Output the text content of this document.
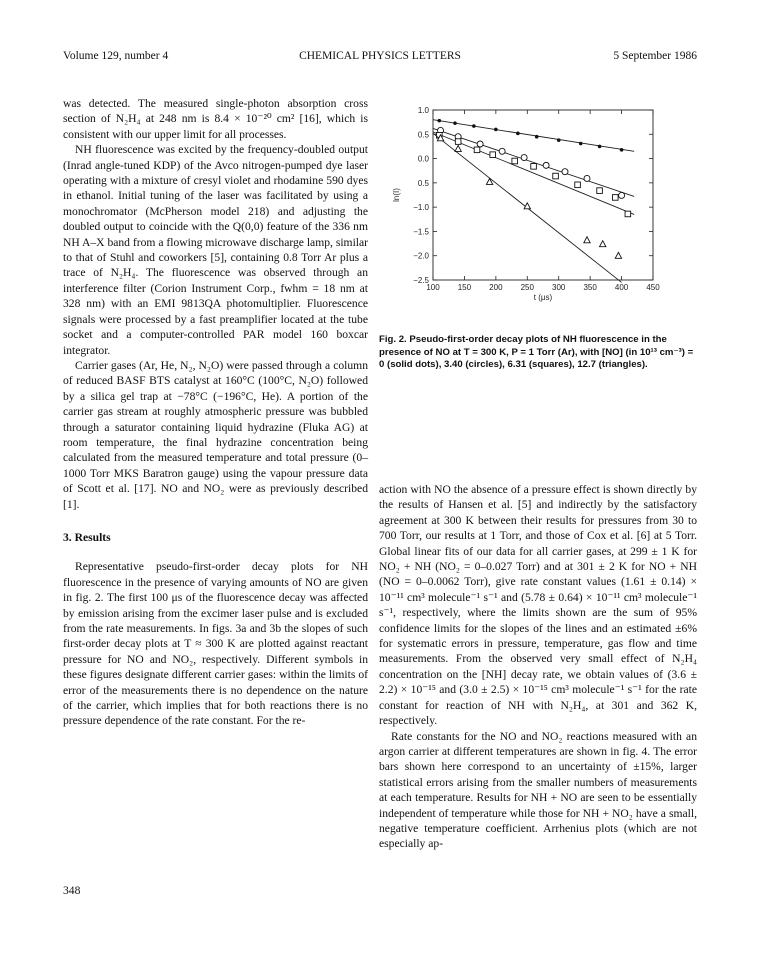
Volume 129, number 4	CHEMICAL PHYSICS LETTERS	5 September 1986

was detected. The measured single-photon absorption cross section of N₂H₄ at 248 nm is 8.4 × 10⁻²⁰ cm² [16], which is consistent with our upper limit for all processes.

NH fluorescence was excited by the frequency-doubled output (Inrad angle-tuned KDP) of the Avco nitrogen-pumped dye laser operating with a mixture of cresyl violet and rhodamine 590 dyes in ethanol. Initial tuning of the laser was facilitated by using a monochromator (McPherson model 218) and adjusting the doubled output to coincide with the Q(0,0) feature of the 336 nm NH A–X band from a flowing microwave discharge lamp, similar to that of Stuhl and coworkers [5], containing 0.8 Torr Ar plus a trace of N₂H₄. The fluorescence was observed through an interference filter (Corion Instrument Corp., fwhm = 18 nm at 328 nm) with an EMI 9813QA photomultiplier. Fluorescence signals were processed by a fast preamplifier located at the tube socket and a computer-controlled PAR model 160 boxcar integrator.

Carrier gases (Ar, He, N₂, N₂O) were passed through a column of reduced BASF BTS catalyst at 160°C (100°C, N₂O) followed by a silica gel trap at −78°C (−196°C, He). A portion of the carrier gas stream at roughly atmospheric pressure was bubbled through a saturator containing liquid hydrazine (Fluka AG) at room temperature, the final hydrazine concentration being calculated from the measured temperature and total pressure (0–1000 Torr MKS Baratron gauge) using the vapour pressure data of Scott et al. [17]. NO and NO₂ were as previously described [1].

3. Results

Representative pseudo-first-order decay plots for NH fluorescence in the presence of varying amounts of NO are given in fig. 2. The first 100 μs of the fluorescence decay was affected by emission arising from the excimer laser pulse and is excluded from the rate measurements. In figs. 3a and 3b the slopes of such first-order decay plots at T ≈ 300 K are plotted against reactant pressure for NO and NO₂, respectively. Different symbols in these figures designate different carrier gases: within the limits of error of the measurements there is no dependence on the nature of the carrier, which implies that for both reactions there is no pressure dependence of the rate constant. For the re-

1.0
0.5
0.0
0.5
−1.0
−1.5
−2.0
−2.5
100 150 200 250 300 350 400 450
t (μs)
ln(I)
Fig. 2. Pseudo-first-order decay plots of NH fluorescence in the presence of NO at T = 300 K, P = 1 Torr (Ar), with [NO] (in 10¹³ cm⁻³) = 0 (solid dots), 3.40 (circles), 6.31 (squares), 12.7 (triangles).

action with NO the absence of a pressure effect is shown directly by the results of Hansen et al. [5] and indirectly by the satisfactory agreement at 300 K between their results for pressures from 30 to 700 Torr, our results at 1 Torr, and those of Cox et al. [6] at 5 Torr. Global linear fits of our data for all carrier gases, at 299 ± 1 K for NO₂ + NH (NO₂ = 0–0.027 Torr) and at 301 ± 2 K for NO + NH (NO = 0–0.0062 Torr), give rate constant values (1.61 ± 0.14) × 10⁻¹¹ cm³ molecule⁻¹ s⁻¹ and (5.78 ± 0.64) × 10⁻¹¹ cm³ molecule⁻¹ s⁻¹, respectively, where the limits shown are the sum of 95% confidence limits for the slopes of the lines and an estimated ±6% for systematic errors in pressure, temperature, gas flow and time measurements. From the observed very small effect of N₂H₄ concentration on the [NH] decay rate, we obtain values of (3.6 ± 2.2) × 10⁻¹⁵ and (3.0 ± 2.5) × 10⁻¹⁵ cm³ molecule⁻¹ s⁻¹ for the rate constant for reaction of NH with N₂H₄, at 301 and 362 K, respectively.

Rate constants for the NO and NO₂ reactions measured with an argon carrier at different temperatures are shown in fig. 4. The error bars shown here correspond to an uncertainty of ±15%, larger statistical errors arising from the smaller numbers of measurements at each temperature. Results for NH + NO are seen to be essentially independent of temperature while those for NH + NO₂ have a small, negative temperature coefficient. Arrhenius plots (which are not especially ap-

348
